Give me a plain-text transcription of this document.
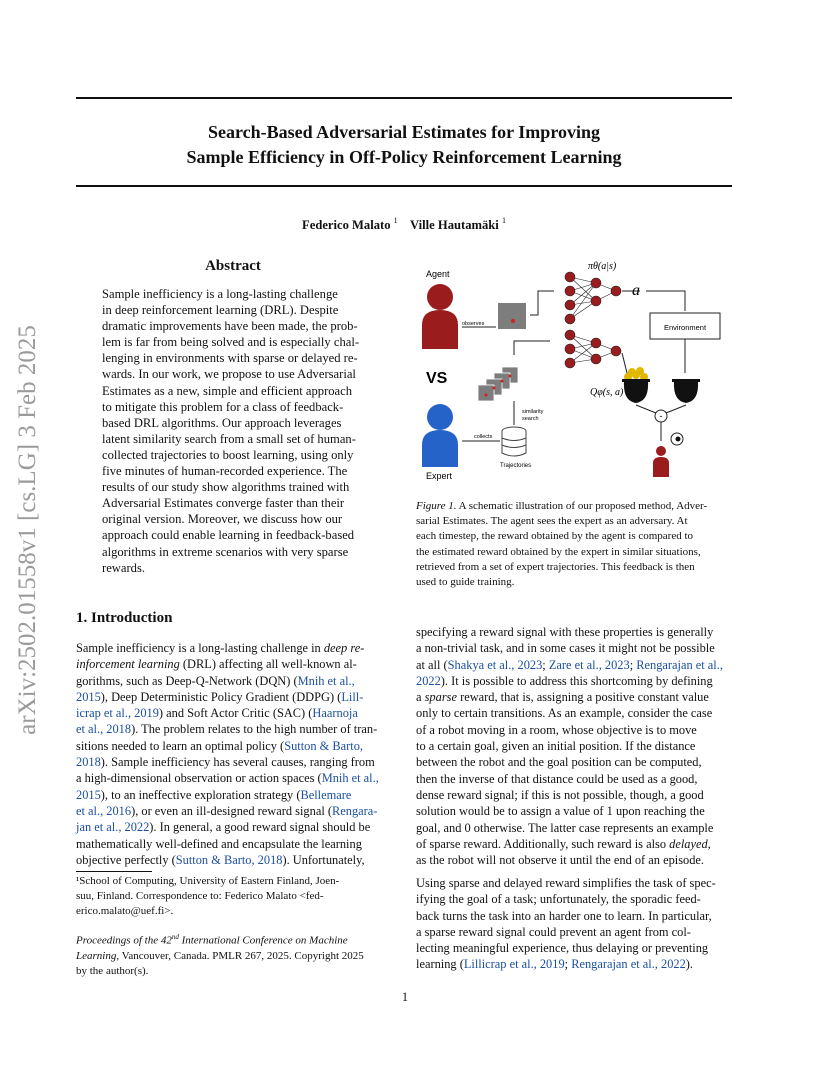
arXiv:2502.01558v1 [cs.LG] 3 Feb 2025
Search-Based Adversarial Estimates for Improving
Sample Efficiency in Off-Policy Reinforcement Learning
Federico Malato $^1$ Ville Hautamäki $^1$
Abstract
Sample inefficiency is a long-lasting challenge
in deep reinforcement learning (DRL). Despite
dramatic improvements have been made, the prob-
lem is far from being solved and is especially chal-
lenging in environments with sparse or delayed re-
wards. In our work, we propose to use Adversarial
Estimates as a new, simple and efficient approach
to mitigate this problem for a class of feedback-
based DRL algorithms. Our approach leverages
latent similarity search from a small set of human-
collected trajectories to boost learning, using only
five minutes of human-recorded experience. The
results of our study show algorithms trained with
Adversarial Estimates converge faster than their
original version. Moreover, we discuss how our
approach could enable learning in feedback-based
algorithms in extreme scenarios with very sparse
rewards.
Agent
VS
Expert
observes
πθ(a|s)
a
Environment
Qφ(s, a)
similarity
search
Trajectories
collects
-
Figure 1. A schematic illustration of our proposed method, Adver-
sarial Estimates. The agent sees the expert as an adversary. At
each timestep, the reward obtained by the agent is compared to
the estimated reward obtained by the expert in similar situations,
retrieved from a set of expert trajectories. This feedback is then
used to guide training.
1. Introduction
Sample inefficiency is a long-lasting challenge in deep re-
inforcement learning (DRL) affecting all well-known al-
gorithms, such as Deep-Q-Network (DQN) (Mnih et al.,
2015), Deep Deterministic Policy Gradient (DDPG) (Lill-
icrap et al., 2019) and Soft Actor Critic (SAC) (Haarnoja
et al., 2018). The problem relates to the high number of tran-
sitions needed to learn an optimal policy (Sutton & Barto,
2018). Sample inefficiency has several causes, ranging from
a high-dimensional observation or action spaces (Mnih et al.,
2015), to an ineffective exploration strategy (Bellemare
et al., 2016), or even an ill-designed reward signal (Rengara-
jan et al., 2022). In general, a good reward signal should be
mathematically well-defined and encapsulate the learning
objective perfectly (Sutton & Barto, 2018). Unfortunately,
¹School of Computing, University of Eastern Finland, Joen-
suu, Finland. Correspondence to: Federico Malato <fed-
erico.malato@uef.fi>.
Proceedings of the 42nd International Conference on Machine
Learning, Vancouver, Canada. PMLR 267, 2025. Copyright 2025
by the author(s).
specifying a reward signal with these properties is generally
a non-trivial task, and in some cases it might not be possible
at all (Shakya et al., 2023; Zare et al., 2023; Rengarajan et al.,
2022). It is possible to address this shortcoming by defining
a sparse reward, that is, assigning a positive constant value
only to certain transitions. As an example, consider the case
of a robot moving in a room, whose objective is to move
to a certain goal, given an initial position. If the distance
between the robot and the goal position can be computed,
then the inverse of that distance could be used as a good,
dense reward signal; if this is not possible, though, a good
solution would be to assign a value of 1 upon reaching the
goal, and 0 otherwise. The latter case represents an example
of sparse reward. Additionally, such reward is also delayed,
as the robot will not observe it until the end of an episode.
Using sparse and delayed reward simplifies the task of spec-
ifying the goal of a task; unfortunately, the sporadic feed-
back turns the task into an harder one to learn. In particular,
a sparse reward signal could prevent an agent from col-
lecting meaningful experience, thus delaying or preventing
learning (Lillicrap et al., 2019; Rengarajan et al., 2022).
1
